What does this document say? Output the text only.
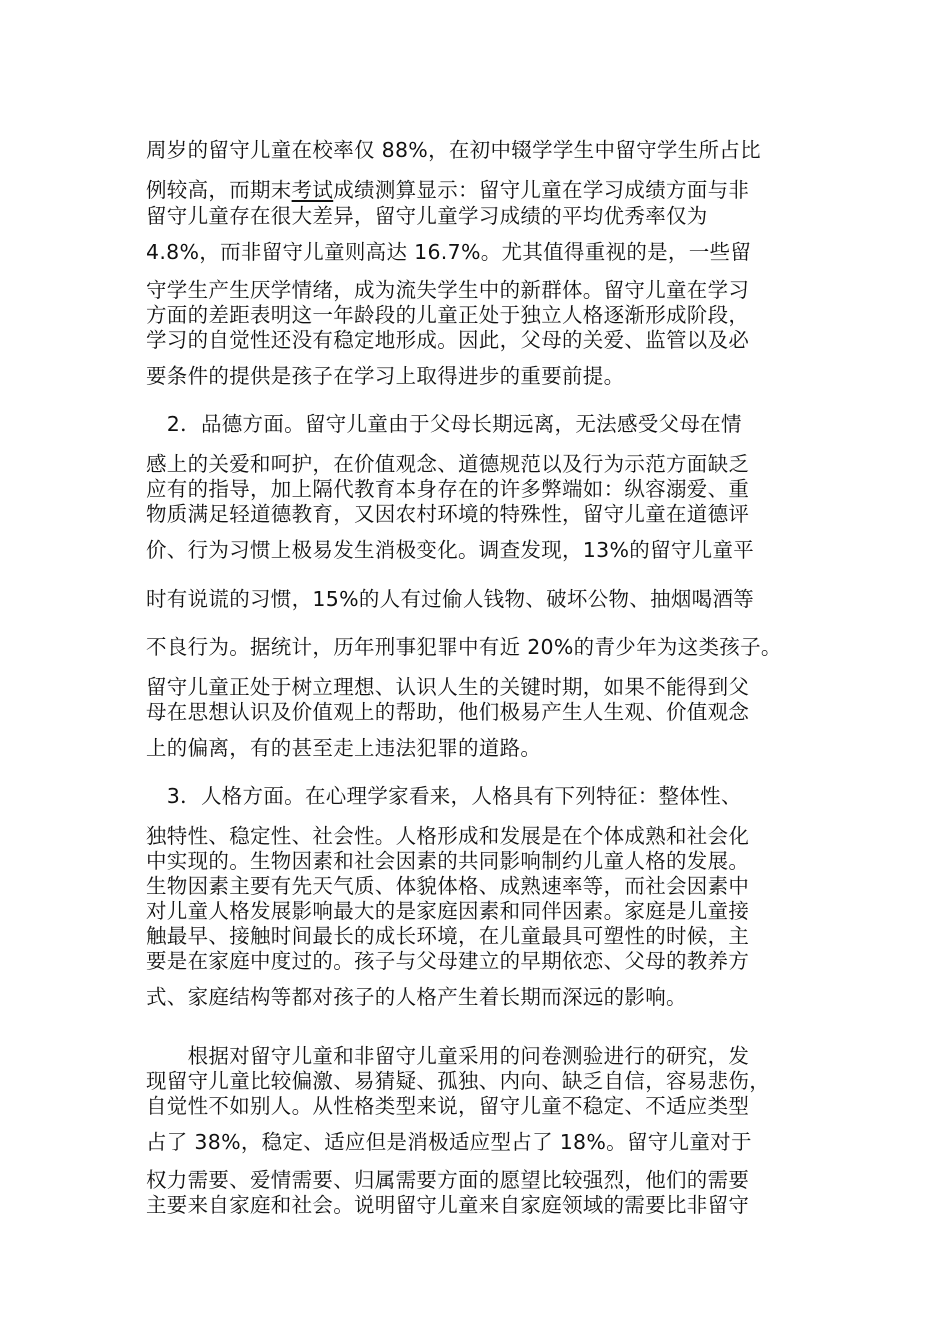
周岁的留守儿童在校率仅 88%，在初中辍学学生中留守学生所占比
例较高，而期末考试成绩测算显示：留守儿童在学习成绩方面与非
留守儿童存在很大差异，留守儿童学习成绩的平均优秀率仅为
4.8%，而非留守儿童则高达 16.7%。尤其值得重视的是，一些留
守学生产生厌学情绪，成为流失学生中的新群体。留守儿童在学习
方面的差距表明这一年龄段的儿童正处于独立人格逐渐形成阶段，
学习的自觉性还没有稳定地形成。因此，父母的关爱、监管以及必
要条件的提供是孩子在学习上取得进步的重要前提。
　2．品德方面。留守儿童由于父母长期远离，无法感受父母在情
感上的关爱和呵护，在价值观念、道德规范以及行为示范方面缺乏
应有的指导，加上隔代教育本身存在的许多弊端如：纵容溺爱、重
物质满足轻道德教育，又因农村环境的特殊性，留守儿童在道德评
价、行为习惯上极易发生消极变化。调查发现，13%的留守儿童平
时有说谎的习惯，15%的人有过偷人钱物、破坏公物、抽烟喝酒等
不良行为。据统计，历年刑事犯罪中有近 20%的青少年为这类孩子。
留守儿童正处于树立理想、认识人生的关键时期，如果不能得到父
母在思想认识及价值观上的帮助，他们极易产生人生观、价值观念
上的偏离，有的甚至走上违法犯罪的道路。
　3．人格方面。在心理学家看来，人格具有下列特征：整体性、
独特性、稳定性、社会性。人格形成和发展是在个体成熟和社会化
中实现的。生物因素和社会因素的共同影响制约儿童人格的发展。
生物因素主要有先天气质、体貌体格、成熟速率等，而社会因素中
对儿童人格发展影响最大的是家庭因素和同伴因素。家庭是儿童接
触最早、接触时间最长的成长环境，在儿童最具可塑性的时候，主
要是在家庭中度过的。孩子与父母建立的早期依恋、父母的教养方
式、家庭结构等都对孩子的人格产生着长期而深远的影响。
　　根据对留守儿童和非留守儿童采用的问卷测验进行的研究，发
现留守儿童比较偏激、易猜疑、孤独、内向、缺乏自信，容易悲伤，
自觉性不如别人。从性格类型来说，留守儿童不稳定、不适应类型
占了 38%，稳定、适应但是消极适应型占了 18%。留守儿童对于
权力需要、爱情需要、归属需要方面的愿望比较强烈，他们的需要
主要来自家庭和社会。说明留守儿童来自家庭领域的需要比非留守
